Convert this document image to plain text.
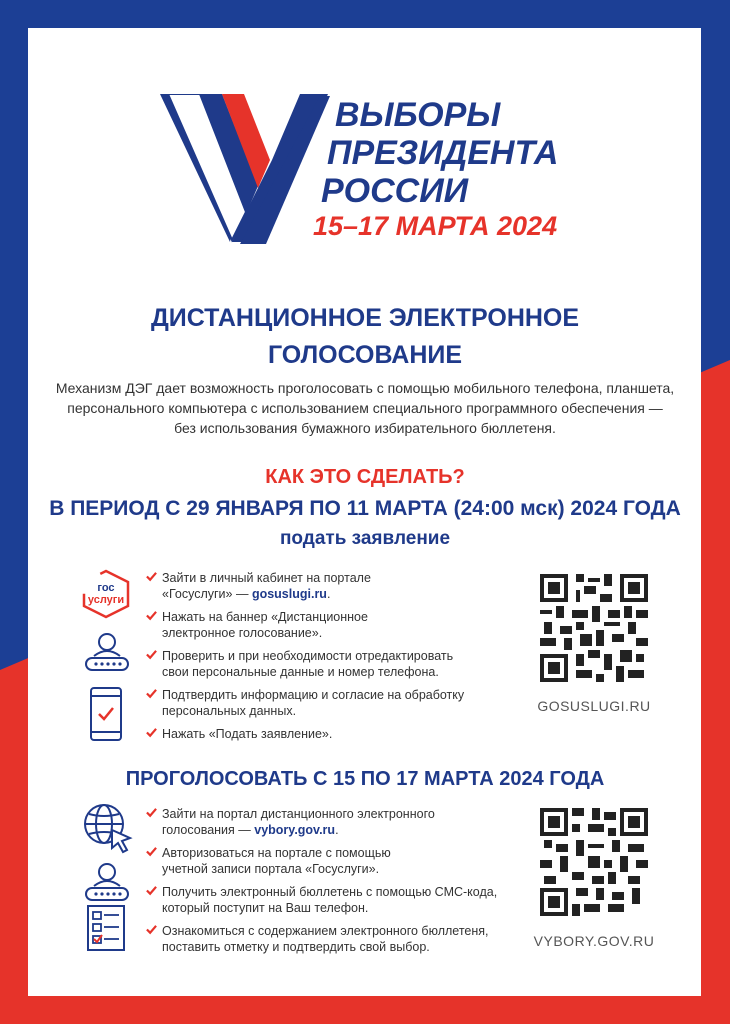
ВЫБОРЫ
ПРЕЗИДЕНТА
РОССИИ
15–17 МАРТА 2024
ДИСТАНЦИОННОЕ ЭЛЕКТРОННОЕ
ГОЛОСОВАНИЕ
Механизм ДЭГ дает возможность проголосовать с помощью мобильного телефона, планшета,
персонального компьютера с использованием специального программного обеспечения —
без использования бумажного избирательного бюллетеня.
КАК ЭТО СДЕЛАТЬ?
В ПЕРИОД С 29 ЯНВАРЯ ПО 11 МАРТА (24:00 мск) 2024 ГОДА
подать заявление
гос
услуги
Зайти в личный кабинет на портале
«Госуслуги» — gosuslugi.ru.
Нажать на баннер «Дистанционное
электронное голосование».
Проверить и при необходимости отредактировать
свои персональные данные и номер телефона.
Подтвердить информацию и согласие на обработку
персональных данных.
Нажать «Подать заявление».
GOSUSLUGI.RU
ПРОГОЛОСОВАТЬ С 15 ПО 17 МАРТА 2024 ГОДА
Зайти на портал дистанционного электронного
голосования — vybory.gov.ru.
Авторизоваться на портале с помощью
учетной записи портала «Госуслуги».
Получить электронный бюллетень с помощью СМС-кода,
который поступит на Ваш телефон.
Ознакомиться с содержанием электронного бюллетеня,
поставить отметку и подтвердить свой выбор.	VYBORY.GOV.RU
